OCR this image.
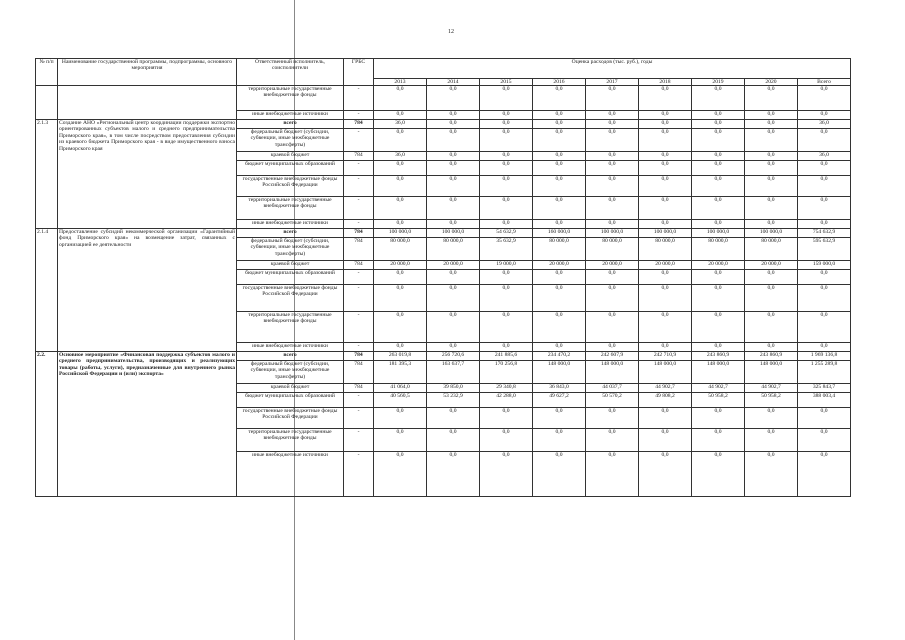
12
№ п/п	Наименование государственной программы, подпрограммы, основного мероприятия	Ответственный исполнитель, соисполнители	ГРБС	Оценка расходов (тыс. руб.), годы								
				2013	2014	2015	2016	2017	2018	2019	2020	Всего
		территориальные государственные внебюджетные фонды	-	0,0	0,0	0,0	0,0	0,0	0,0	0,0	0,0	0,0
		иные внебюджетные источники	-	0,0	0,0	0,0	0,0	0,0	0,0	0,0	0,0	0,0
2.1.3	Создание АНО «Региональный центр координации поддержки экспортно ориентированных субъектов малого и среднего предпринимательства Приморского края», в том числе посредством предоставления субсидии из краевого бюджета Приморского края - в виде имущественного взноса Приморского края	всего	784	36,0	0,0	0,0	0,0	0,0	0,0	0,0	0,0	36,0
		федеральный бюджет (субсидии, субвенции, иные межбюджетные трансферты)	-	0,0	0,0	0,0	0,0	0,0	0,0	0,0	0,0	0,0
		краевой бюджет	784	36,0	0,0	0,0	0,0	0,0	0,0	0,0	0,0	36,0
		бюджет муниципальных образований	-	0,0	0,0	0,0	0,0	0,0	0,0	0,0	0,0	0,0
		государственные внебюджетные фонды Российской Федерации	-	0,0	0,0	0,0	0,0	0,0	0,0	0,0	0,0	0,0
		территориальные государственные внебюджетные фонды	-	0,0	0,0	0,0	0,0	0,0	0,0	0,0	0,0	0,0
		иные внебюджетные источники	-	0,0	0,0	0,0	0,0	0,0	0,0	0,0	0,0	0,0
2.1.4	Предоставление субсидий некоммерческой организации «Гарантийный фонд Приморского края» на возмещение затрат, связанных с организацией ее деятельности	всего	784	100 000,0	100 000,0	54 632,9	160 000,0	100 000,0	100 000,0	100 000,0	100 000,0	754 632,9
		федеральный бюджет (субсидии, субвенции, иные межбюджетные трансферты)	784	80 000,0	80 000,0	35 632,9	80 000,0	80 000,0	80 000,0	80 000,0	80 000,0	595 632,9
		краевой бюджет	784	20 000,0	20 000,0	19 000,0	20 000,0	20 000,0	20 000,0	20 000,0	20 000,0	159 000,0
		бюджет муниципальных образований	-	0,0	0,0	0,0	0,0	0,0	0,0	0,0	0,0	0,0
		государственные внебюджетные фонды Российской Федерации	-	0,0	0,0	0,0	0,0	0,0	0,0	0,0	0,0	0,0
		территориальные государственные внебюджетные фонды	-	0,0	0,0	0,0	0,0	0,0	0,0	0,0	0,0	0,0
		иные внебюджетные источники	-	0,0	0,0	0,0	0,0	0,0	0,0	0,0	0,0	0,0
2.2.	Основное мероприятие «Финансовая поддержка субъектов малого и среднего предпринимательства, производящих и реализующих товары (работы, услуги), предназначенные для внутреннего рынка Российской Федерации и (или) экспорта»	всего	784	263 019,8	256 720,6	241 885,6	234 470,2	242 607,9	242 710,9	243 860,9	243 860,9	1 969 136,8
		федеральный бюджет (субсидии, субвенции, иные межбюджетные трансферты)	784	181 395,3	163 637,7	170 256,8	148 000,0	148 000,0	148 000,0	148 000,0	148 000,0	1 255 289,8
		краевой бюджет	784	41 064,0	39 850,0	29 340,8	36 843,0	44 037,7	44 902,7	44 902,7	44 902,7	325 843,7
		бюджет муниципальных образований	-	40 560,5	53 232,9	42 288,0	49 627,2	50 570,2	49 808,2	50 958,2	50 958,2	388 003,4
		государственные внебюджетные фонды Российской Федерации	-	0,0	0,0	0,0	0,0	0,0	0,0	0,0	0,0	0,0
		территориальные государственные внебюджетные фонды	-	0,0	0,0	0,0	0,0	0,0	0,0	0,0	0,0	0,0
		иные внебюджетные источники	-	0,0	0,0	0,0	0,0	0,0	0,0	0,0	0,0	0,0
